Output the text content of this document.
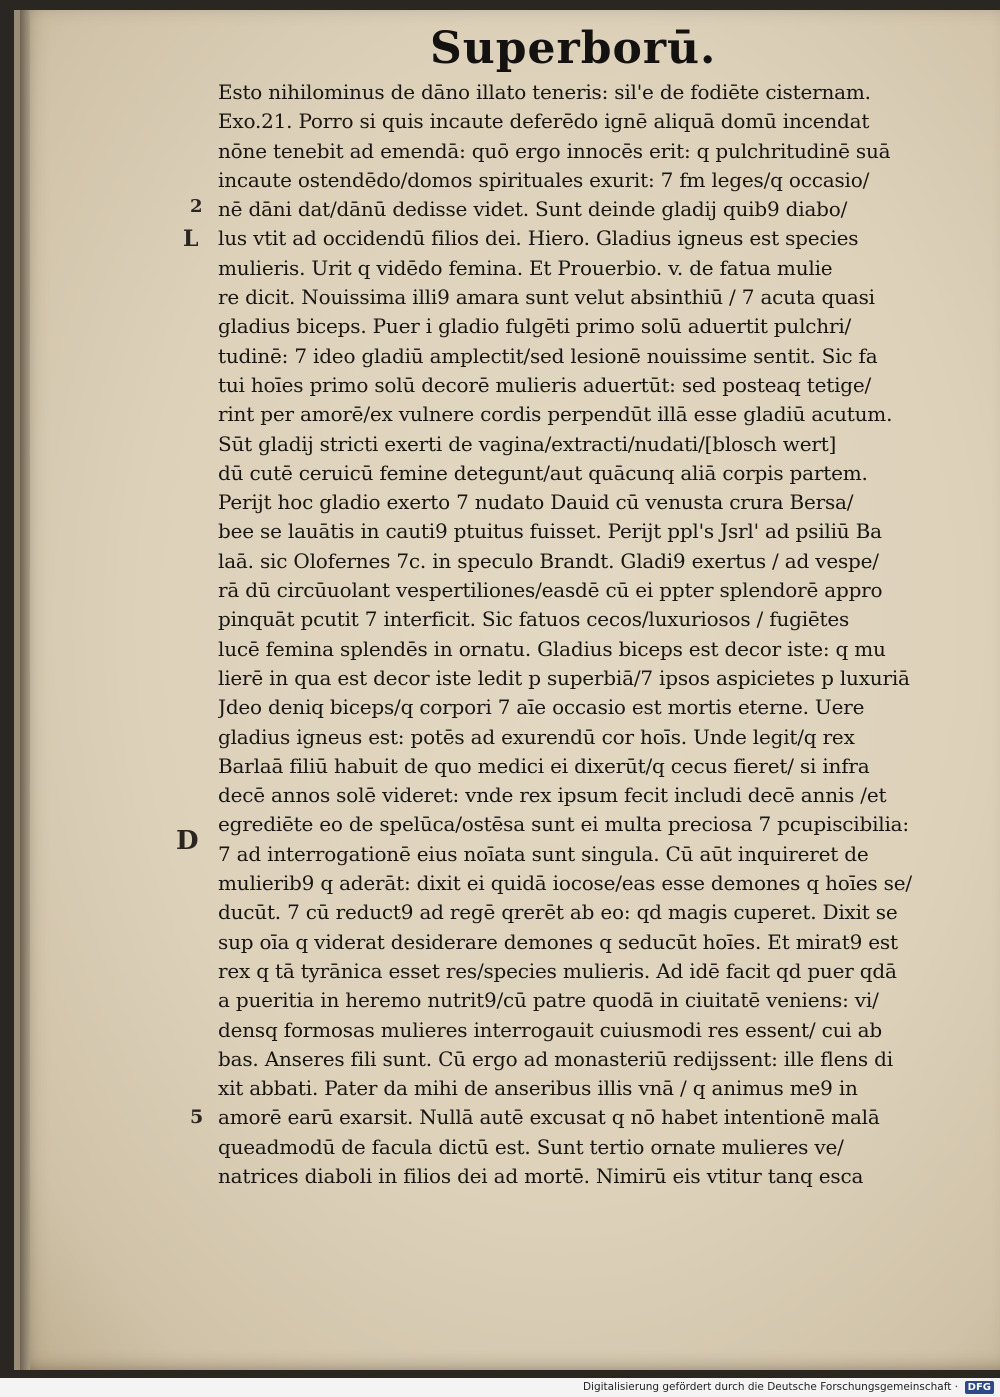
Superborū.
2
L
D
5
Esto nihilominus de dāno illato teneris: sil'e de fodiēte cisternam.
Exo.21. Porro si quis incaute deferēdo ignē aliquā domū incendat
nōne tenebit ad emendā: quō ergo innocēs erit: q pulchritudinē suā
incaute ostendēdo/domos spirituales exurit: 7 fm leges/q occasio/
nē dāni dat/dānū dedisse videt. Sunt deinde gladij quib9 diabo/
lus vtit ad occidendū filios dei. Hiero. Gladius igneus est species
mulieris. Urit q vidēdo femina. Et Prouerbio. v. de fatua mulie
re dicit. Nouissima illi9 amara sunt velut absinthiū / 7 acuta quasi
gladius biceps. Puer i gladio fulgēti primo solū aduertit pulchri/
tudinē: 7 ideo gladiū amplectit/sed lesionē nouissime sentit. Sic fa
tui hoīes primo solū decorē mulieris aduertūt: sed posteaq tetige/
rint per amorē/ex vulnere cordis perpendūt illā esse gladiū acutum.
Sūt gladij stricti exerti de vagina/extracti/nudati/[blosch wert]
dū cutē ceruicū femine detegunt/aut quācunq aliā corpis partem.
Perijt hoc gladio exerto 7 nudato Dauid cū venusta crura Bersa/
bee se lauātis in cauti9 ptuitus fuisset. Perijt ppl's Jsrl' ad psiliū Ba
laā. sic Olofernes 7c. in speculo Brandt. Gladi9 exertus / ad vespe/
rā dū circūuolant vespertiliones/easdē cū ei ppter splendorē appro
pinquāt pcutit 7 interficit. Sic fatuos cecos/luxuriosos / fugiētes
lucē femina splendēs in ornatu. Gladius biceps est decor iste: q mu
lierē in qua est decor iste ledit p superbiā/7 ipsos aspicietes p luxuriā
Jdeo deniq biceps/q corpori 7 aīe occasio est mortis eterne. Uere
gladius igneus est: potēs ad exurendū cor hoīs. Unde legit/q rex
Barlaā filiū habuit de quo medici ei dixerūt/q cecus fieret/ si infra
decē annos solē videret: vnde rex ipsum fecit includi decē annis /et
egrediēte eo de spelūca/ostēsa sunt ei multa preciosa 7 pcupiscibilia:
7 ad interrogationē eius noīata sunt singula. Cū aūt inquireret de
mulierib9 q aderāt: dixit ei quidā iocose/eas esse demones q hoīes se/
ducūt. 7 cū reduct9 ad regē qrerēt ab eo: qd magis cuperet. Dixit se
sup oīa q viderat desiderare demones q seducūt hoīes. Et mirat9 est
rex q tā tyrānica esset res/species mulieris. Ad idē facit qd puer qdā
a pueritia in heremo nutrit9/cū patre quodā in ciuitatē veniens: vi/
densq formosas mulieres interrogauit cuiusmodi res essent/ cui ab
bas. Anseres fili sunt. Cū ergo ad monasteriū redijssent: ille flens di
xit abbati. Pater da mihi de anseribus illis vnā / q animus me9 in
amorē earū exarsit. Nullā autē excusat q nō habet intentionē malā
queadmodū de facula dictū est. Sunt tertio ornate mulieres ve/
natrices diaboli in filios dei ad mortē. Nimirū eis vtitur tanq esca
Digitalisierung gefördert durch die Deutsche Forschungsgemeinschaft · DFG
